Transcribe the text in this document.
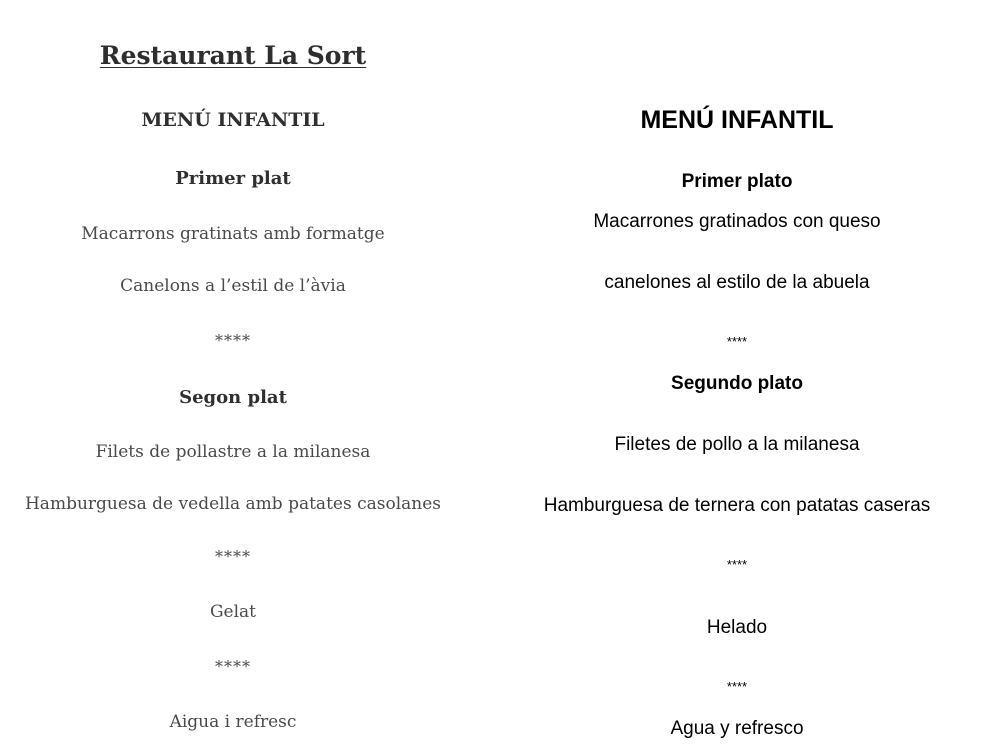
Restaurant La Sort
MENÚ INFANTIL
Primer plat
Macarrons gratinats amb formatge
Canelons a l’estil de l’àvia
****
Segon plat
Filets de pollastre a la milanesa
Hamburguesa de vedella amb patates casolanes
****
Gelat
****
Aigua i refresc
MENÚ INFANTIL
Primer plato
Macarrones gratinados con queso
canelones al estilo de la abuela
****
Segundo plato
Filetes de pollo a la milanesa
Hamburguesa de ternera con patatas caseras
****
Helado
****
Agua y refresco
